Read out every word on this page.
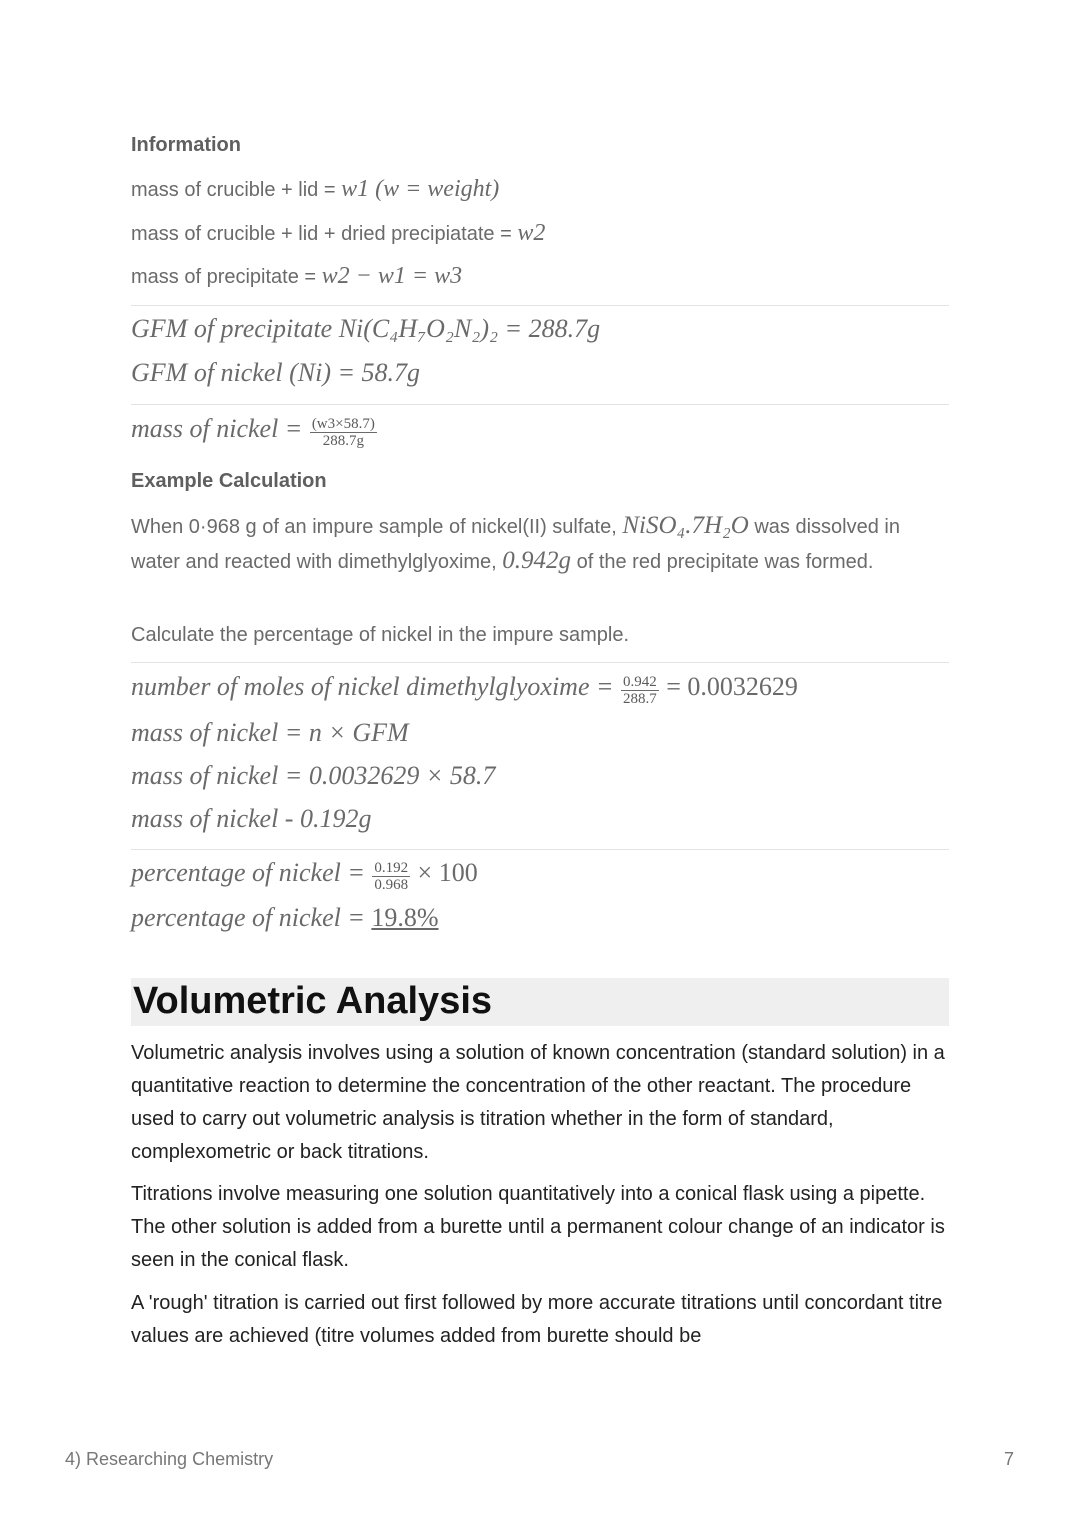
Information
mass of crucible + lid = w1 (w = weight)
mass of crucible + lid + dried precipiatate = w2
mass of precipitate = w2 − w1 = w3
GFM of precipitate Ni(C₄H₇O₂N₂)₂ = 288.7g
GFM of nickel (Ni) = 58.7g
mass of nickel = $\frac{(w3\times 58.7)}{288.7g}$
Example Calculation
When 0·968 g of an impure sample of nickel(II) sulfate, NiSO₄.7H₂O was dissolved in water and reacted with dimethylglyoxime, 0.942g of the red precipitate was formed.
Calculate the percentage of nickel in the impure sample.
number of moles of nickel dimethylglyoxime = $\frac{0.942}{288.7} = 0.0032629$
mass of nickel = n × GFM
mass of nickel = 0.0032629 × 58.7
mass of nickel - 0.192g
percentage of nickel = $\frac{0.192}{0.968} \times 100$
percentage of nickel = 19.8%
Volumetric Analysis
Volumetric analysis involves using a solution of known concentration (standard solution) in a quantitative reaction to determine the concentration of the other reactant. The procedure used to carry out volumetric analysis is titration whether in the form of standard, complexometric or back titrations.
Titrations involve measuring one solution quantitatively into a conical flask using a pipette. The other solution is added from a burette until a permanent colour change of an indicator is seen in the conical flask.
A 'rough' titration is carried out first followed by more accurate titrations until concordant titre values are achieved (titre volumes added from burette should be
4) Researching Chemistry	7
